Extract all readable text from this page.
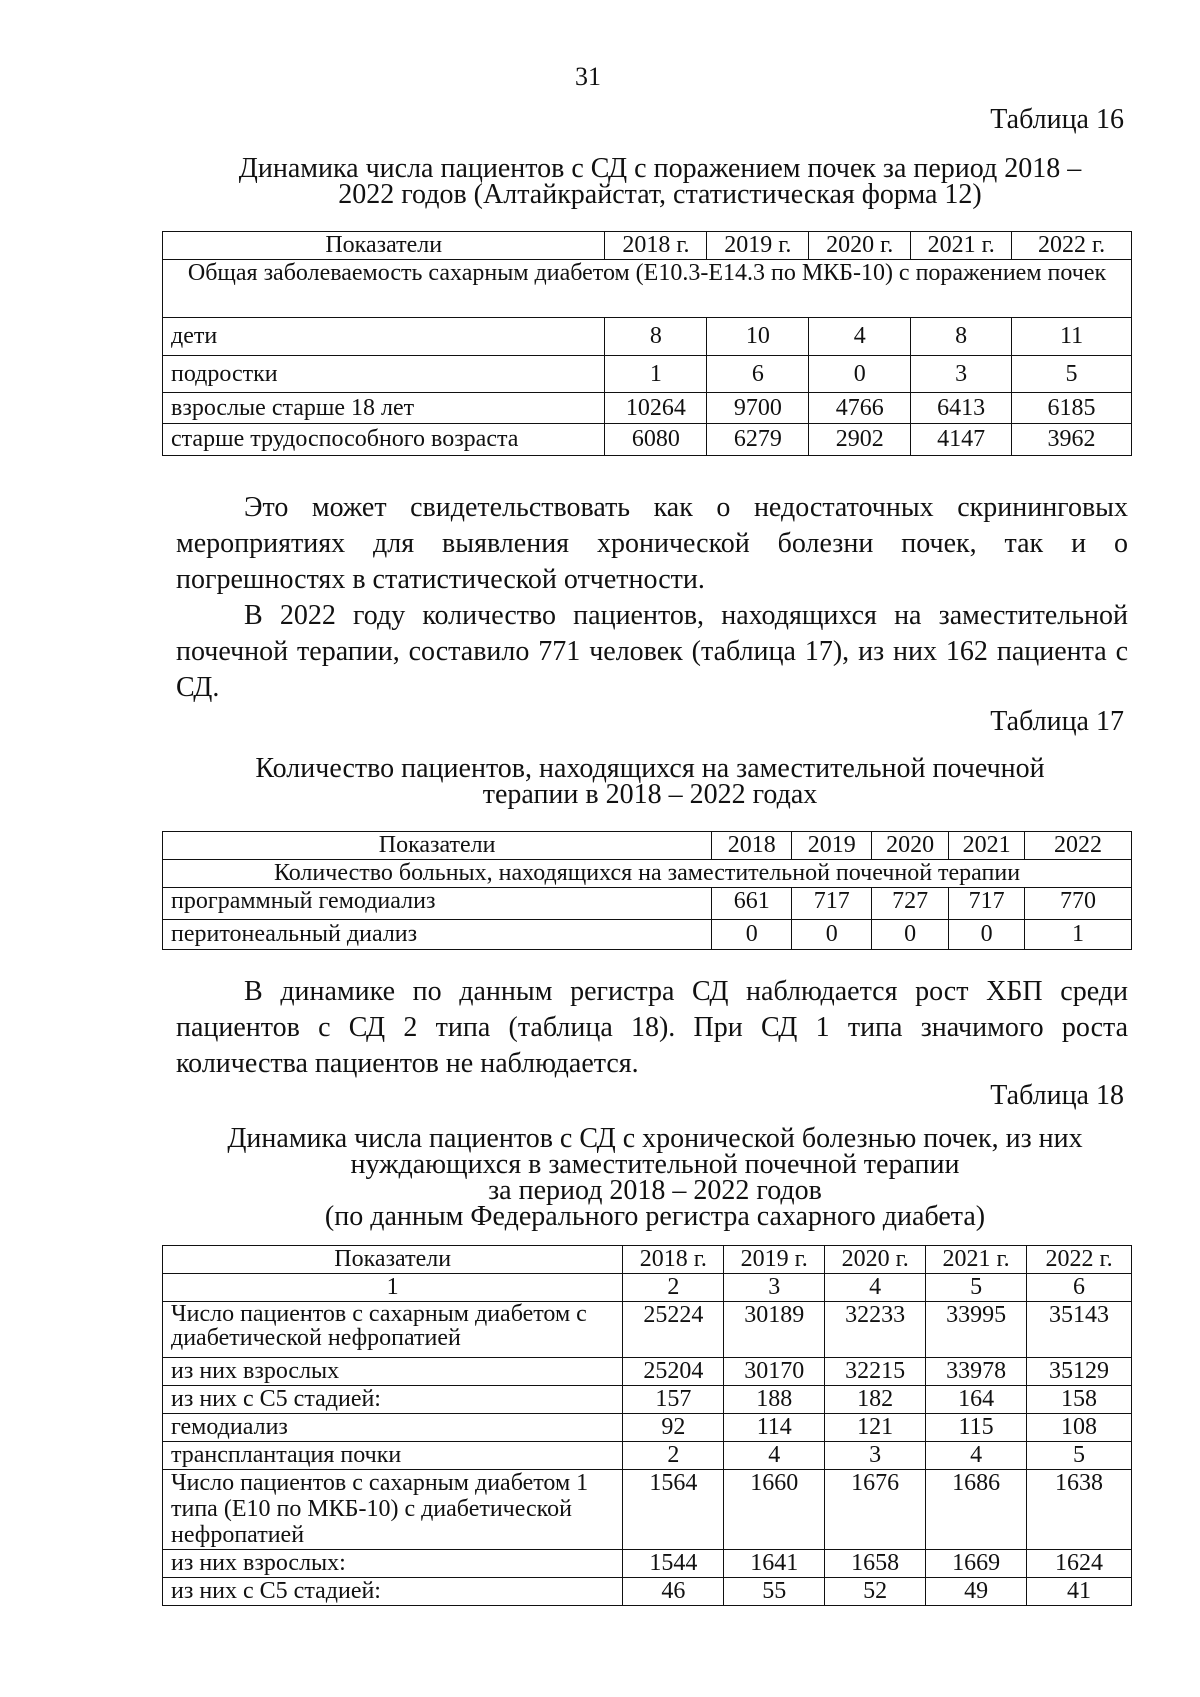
31
Таблица 16
Динамика числа пациентов с СД с поражением почек за период 2018 –
2022 годов (Алтайкрайстат, статистическая форма 12)
Показатели	2018 г.	2019 г.	2020 г.	2021 г.	2022 г.
Общая заболеваемость сахарным диабетом (Е10.3-Е14.3 по МКБ-10) с поражением почек					
дети	8	10	4	8	11
подростки	1	6	0	3	5
взрослые старше 18 лет	10264	9700	4766	6413	6185
старше трудоспособного возраста	6080	6279	2902	4147	3962
Это может свидетельствовать как о недостаточных скрининговых мероприятиях для выявления хронической болезни почек, так и о погрешностях в статистической отчетности.
В 2022 году количество пациентов, находящихся на заместительной почечной терапии, составило 771 человек (таблица 17), из них 162 пациента с СД.
Таблица 17
Количество пациентов, находящихся на заместительной почечной
терапии в 2018 – 2022 годах
Показатели	2018	2019	2020	2021	2022
Количество больных, находящихся на заместительной почечной терапии					
программный гемодиализ	661	717	727	717	770
перитонеальный диализ	0	0	0	0	1
В динамике по данным регистра СД наблюдается рост ХБП среди пациентов с СД 2 типа (таблица 18). При СД 1 типа значимого роста количества пациентов не наблюдается.
Таблица 18
Динамика числа пациентов с СД с хронической болезнью почек, из них
нуждающихся в заместительной почечной терапии
за период 2018 – 2022 годов
(по данным Федерального регистра сахарного диабета)
Показатели	2018 г.	2019 г.	2020 г.	2021 г.	2022 г.
1	2	3	4	5	6
Число пациентов с сахарным диабетом с диабетической нефропатией	25224	30189	32233	33995	35143
из них взрослых	25204	30170	32215	33978	35129
из них с С5 стадией:	157	188	182	164	158
гемодиализ	92	114	121	115	108
трансплантация почки	2	4	3	4	5
Число пациентов с сахарным диабетом 1 типа (Е10 по МКБ-10) с диабетической нефропатией	1564	1660	1676	1686	1638
из них взрослых:	1544	1641	1658	1669	1624
из них с С5 стадией:	46	55	52	49	41
